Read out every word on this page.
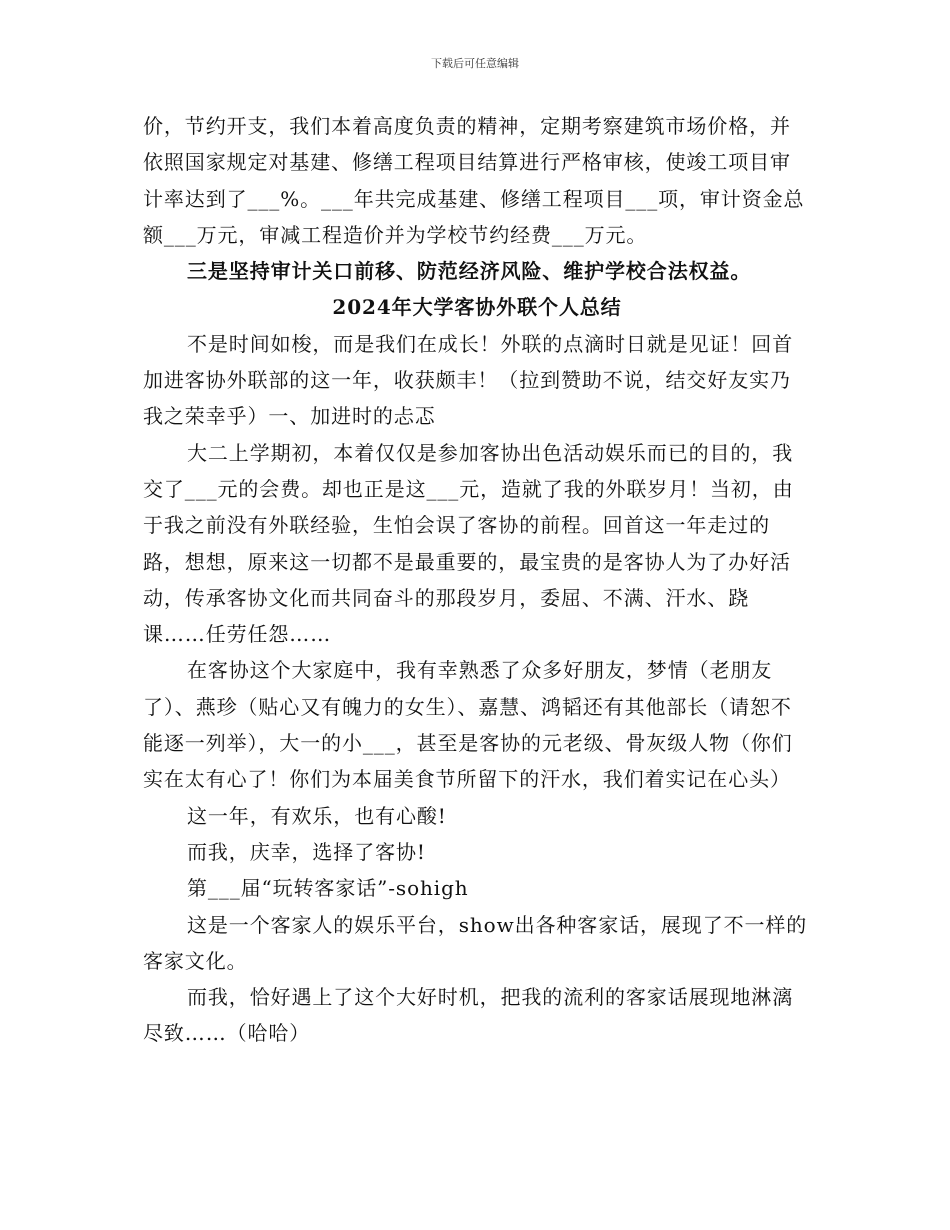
下载后可任意编辑

价，节约开支，我们本着高度负责的精神，定期考察建筑市场价格，并依照国家规定对基建、修缮工程项目结算进行严格审核，使竣工项目审计率达到了___%。___年共完成基建、修缮工程项目___项，审计资金总额___万元，审减工程造价并为学校节约经费___万元。

三是坚持审计关口前移、防范经济风险、维护学校合法权益。

2024年大学客协外联个人总结

不是时间如梭，而是我们在成长！外联的点滴时日就是见证！回首加进客协外联部的这一年，收获颇丰！（拉到赞助不说，结交好友实乃我之荣幸乎）一、加进时的忐忑

大二上学期初，本着仅仅是参加客协出色活动娱乐而已的目的，我交了___元的会费。却也正是这___元，造就了我的外联岁月！当初，由于我之前没有外联经验，生怕会误了客协的前程。回首这一年走过的路，想想，原来这一切都不是最重要的，最宝贵的是客协人为了办好活动，传承客协文化而共同奋斗的那段岁月，委屈、不满、汗水、跷课……任劳任怨……

在客协这个大家庭中，我有幸熟悉了众多好朋友，梦情（老朋友了）、燕珍（贴心又有魄力的女生）、嘉慧、鸿韬还有其他部长（请恕不能逐一列举），大一的小___，甚至是客协的元老级、骨灰级人物（你们实在太有心了！你们为本届美食节所留下的汗水，我们着实记在心头）

这一年，有欢乐，也有心酸!

而我，庆幸，选择了客协!

第___届“玩转客家话”-sohigh

这是一个客家人的娱乐平台，show出各种客家话，展现了不一样的客家文化。

而我，恰好遇上了这个大好时机，把我的流利的客家话展现地淋漓尽致……（哈哈）
